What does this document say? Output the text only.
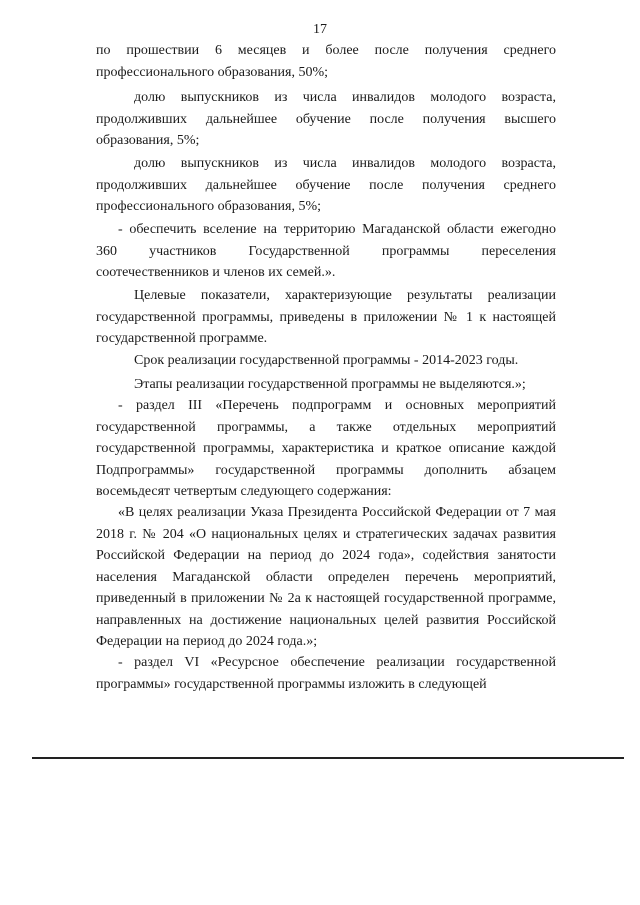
17

по прошествии 6 месяцев и более после получения среднего профессионального образования, 50%;

долю выпускников из числа инвалидов молодого возраста, продолживших дальнейшее обучение после получения высшего образования, 5%;

долю выпускников из числа инвалидов молодого возраста, продолживших дальнейшее обучение после получения среднего профессионального образования, 5%;

- обеспечить вселение на территорию Магаданской области ежегодно 360 участников Государственной программы переселения соотечественников и членов их семей.».

Целевые показатели, характеризующие результаты реализации государственной программы, приведены в приложении № 1 к настоящей государственной программе.

Срок реализации государственной программы - 2014-2023 годы.

Этапы реализации государственной программы не выделяются.»;

- раздел III «Перечень подпрограмм и основных мероприятий государственной программы, а также отдельных мероприятий государственной программы, характеристика и краткое описание каждой Подпрограммы» государственной программы дополнить абзацем восемьдесят четвертым следующего содержания:

«В целях реализации Указа Президента Российской Федерации от 7 мая 2018 г. № 204 «О национальных целях и стратегических задачах развития Российской Федерации на период до 2024 года», содействия занятости населения Магаданской области определен перечень мероприятий, приведенный в приложении № 2а к настоящей государственной программе, направленных на достижение национальных целей развития Российской Федерации на период до 2024 года.»;

- раздел VI «Ресурсное обеспечение реализации государственной программы» государственной программы изложить в следующей
